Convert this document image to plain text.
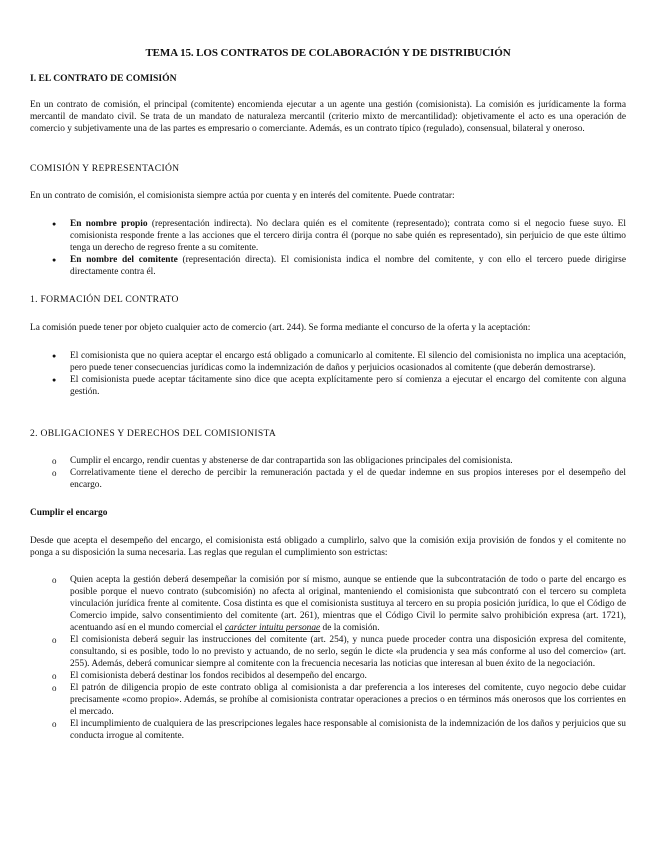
TEMA 15. LOS CONTRATOS DE COLABORACIÓN Y DE DISTRIBUCIÓN
I. EL CONTRATO DE COMISIÓN
En un contrato de comisión, el principal (comitente) encomienda ejecutar a un agente una gestión (comisionista). La comisión es jurídicamente la forma mercantil de mandato civil. Se trata de un mandato de naturaleza mercantil (criterio mixto de mercantilidad): objetivamente el acto es una operación de comercio y subjetivamente una de las partes es empresario o comerciante. Además, es un contrato típico (regulado), consensual, bilateral y oneroso.
COMISIÓN Y REPRESENTACIÓN
En un contrato de comisión, el comisionista siempre actúa por cuenta y en interés del comitente. Puede contratar:
●
En nombre propio (representación indirecta). No declara quién es el comitente (representado); contrata como si el negocio fuese suyo. El comisionista responde frente a las acciones que el tercero dirija contra él (porque no sabe quién es representado), sin perjuicio de que este último tenga un derecho de regreso frente a su comitente.
●
En nombre del comitente (representación directa). El comisionista indica el nombre del comitente, y con ello el tercero puede dirigirse directamente contra él.
1. FORMACIÓN DEL CONTRATO
La comisión puede tener por objeto cualquier acto de comercio (art. 244). Se forma mediante el concurso de la oferta y la aceptación:
●
El comisionista que no quiera aceptar el encargo está obligado a comunicarlo al comitente. El silencio del comisionista no implica una aceptación, pero puede tener consecuencias jurídicas como la indemnización de daños y perjuicios ocasionados al comitente (que deberán demostrarse).
●
El comisionista puede aceptar tácitamente sino dice que acepta explícitamente pero sí comienza a ejecutar el encargo del comitente con alguna gestión.
2. OBLIGACIONES Y DERECHOS DEL COMISIONISTA
o
Cumplir el encargo, rendir cuentas y abstenerse de dar contrapartida son las obligaciones principales del comisionista.
o
Correlativamente tiene el derecho de percibir la remuneración pactada y el de quedar indemne en sus propios intereses por el desempeño del encargo.
Cumplir el encargo
Desde que acepta el desempeño del encargo, el comisionista está obligado a cumplirlo, salvo que la comisión exija provisión de fondos y el comitente no ponga a su disposición la suma necesaria. Las reglas que regulan el cumplimiento son estrictas:
o
Quien acepta la gestión deberá desempeñar la comisión por sí mismo, aunque se entiende que la subcontratación de todo o parte del encargo es posible porque el nuevo contrato (subcomisión) no afecta al original, manteniendo el comisionista que subcontrató con el tercero su completa vinculación jurídica frente al comitente. Cosa distinta es que el comisionista sustituya al tercero en su propia posición jurídica, lo que el Código de Comercio impide, salvo consentimiento del comitente (art. 261), mientras que el Código Civil lo permite salvo prohibición expresa (art. 1721), acentuando así en el mundo comercial el carácter intuitu personae de la comisión.
o
El comisionista deberá seguir las instrucciones del comitente (art. 254), y nunca puede proceder contra una disposición expresa del comitente, consultando, si es posible, todo lo no previsto y actuando, de no serlo, según le dicte «la prudencia y sea más conforme al uso del comercio» (art. 255). Además, deberá comunicar siempre al comitente con la frecuencia necesaria las noticias que interesan al buen éxito de la negociación.
o
El comisionista deberá destinar los fondos recibidos al desempeño del encargo.
o
El patrón de diligencia propio de este contrato obliga al comisionista a dar preferencia a los intereses del comitente, cuyo negocio debe cuidar precisamente «como propio». Además, se prohíbe al comisionista contratar operaciones a precios o en términos más onerosos que los corrientes en el mercado.
o
El incumplimiento de cualquiera de las prescripciones legales hace responsable al comisionista de la indemnización de los daños y perjuicios que su conducta irrogue al comitente.
